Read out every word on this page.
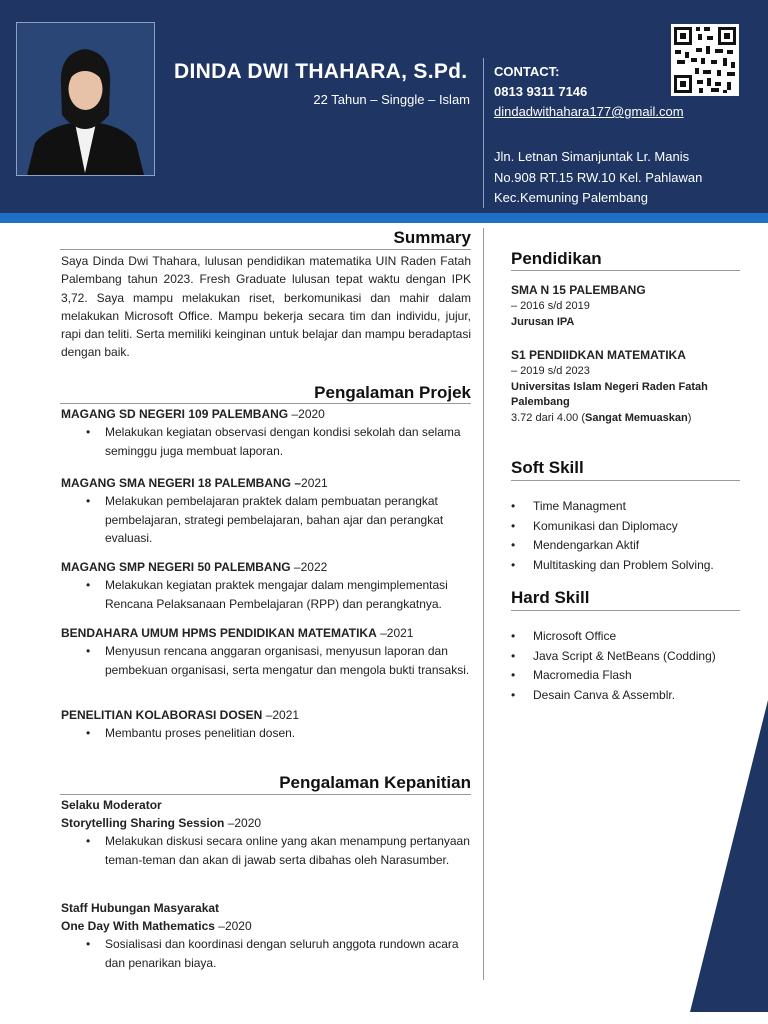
DINDA DWI THAHARA, S.Pd.
22 Tahun – Singgle – Islam
CONTACT:
0813 9311 7146
dindadwithahara177@gmail.com
Jln. Letnan Simanjuntak Lr. Manis
No.908 RT.15 RW.10 Kel. Pahlawan
Kec.Kemuning Palembang
Summary
Saya Dinda Dwi Thahara, lulusan pendidikan matematika UIN Raden Fatah Palembang tahun 2023. Fresh Graduate lulusan tepat waktu dengan IPK 3,72. Saya mampu melakukan riset, berkomunikasi dan mahir dalam melakukan Microsoft Office. Mampu bekerja secara tim dan individu, jujur, rapi dan teliti. Serta memiliki keinginan untuk belajar dan mampu beradaptasi dengan baik.
Pengalaman Projek
MAGANG SD NEGERI 109 PALEMBANG –2020
• Melakukan kegiatan observasi dengan kondisi sekolah dan selama seminggu juga membuat laporan.
MAGANG SMA NEGERI 18 PALEMBANG –2021
• Melakukan pembelajaran praktek dalam pembuatan perangkat pembelajaran, strategi pembelajaran, bahan ajar dan perangkat evaluasi.
MAGANG SMP NEGERI 50 PALEMBANG –2022
• Melakukan kegiatan praktek mengajar dalam mengimplementasi Rencana Pelaksanaan Pembelajaran (RPP) dan perangkatnya.
BENDAHARA UMUM HPMS PENDIDIKAN MATEMATIKA –2021
• Menyusun rencana anggaran organisasi, menyusun laporan dan pembekuan organisasi, serta mengatur dan mengola bukti transaksi.
PENELITIAN KOLABORASI DOSEN –2021
• Membantu proses penelitian dosen.
Pengalaman Kepanitian
Selaku Moderator
Storytelling Sharing Session –2020
• Melakukan diskusi secara online yang akan menampung pertanyaan teman-teman dan akan di jawab serta dibahas oleh Narasumber.
Staff Hubungan Masyarakat
One Day With Mathematics –2020
• Sosialisasi dan koordinasi dengan seluruh anggota rundown acara dan penarikan biaya.
Pendidikan
SMA N 15 PALEMBANG
– 2016 s/d 2019
Jurusan IPA
S1 PENDIIDKAN MATEMATIKA
– 2019 s/d 2023
Universitas Islam Negeri Raden Fatah Palembang
3.72 dari 4.00 (Sangat Memuaskan)
Soft Skill
• Time Managment
• Komunikasi dan Diplomacy
• Mendengarkan Aktif
• Multitasking dan Problem Solving.
Hard Skill
• Microsoft Office
• Java Script & NetBeans (Codding)
• Macromedia Flash
• Desain Canva & Assemblr.
